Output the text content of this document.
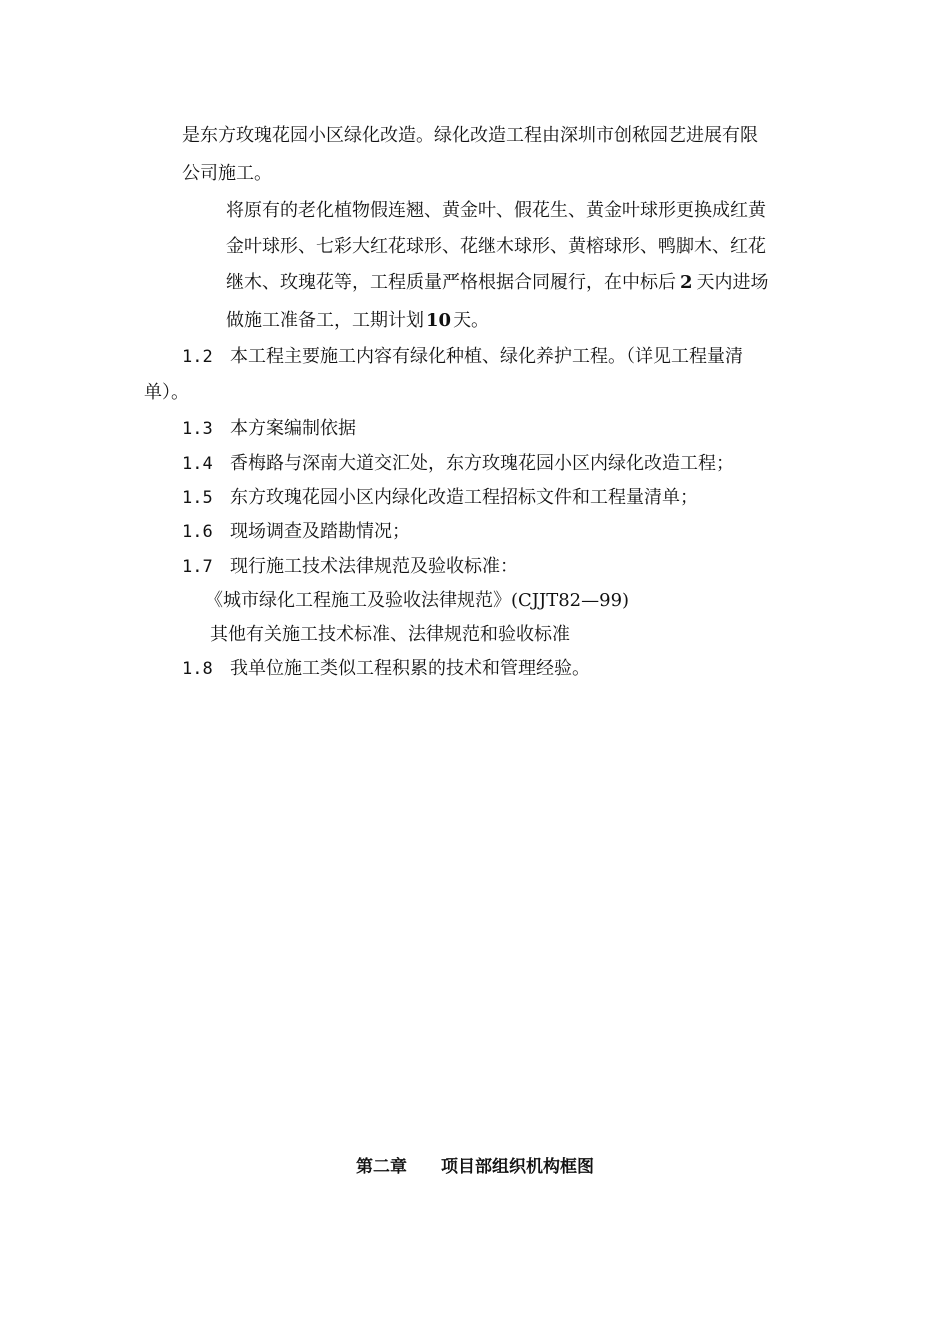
是东方玫瑰花园小区绿化改造。绿化改造工程由深圳市创秾园艺进展有限
公司施工。
将原有的老化植物假连翘、黄金叶、假花生、黄金叶球形更换成红黄
金叶球形、七彩大红花球形、花继木球形、黄榕球形、鸭脚木、红花
继木、玫瑰花等，工程质量严格根据合同履行，在中标后 2 天内进场
做施工准备工，工期计划 10 天。
1.2 本工程主要施工内容有绿化种植、绿化养护工程。（详见工程量清
单）。
1.3 本方案编制依据
1.4 香梅路与深南大道交汇处，东方玫瑰花园小区内绿化改造工程；
1.5 东方玫瑰花园小区内绿化改造工程招标文件和工程量清单；
1.6 现场调查及踏勘情况；
1.7 现行施工技术法律规范及验收标准：
《城市绿化工程施工及验收法律规范》(CJJT82—99)
其他有关施工技术标准、法律规范和验收标准
1.8 我单位施工类似工程积累的技术和管理经验。
第二章 项目部组织机构框图
